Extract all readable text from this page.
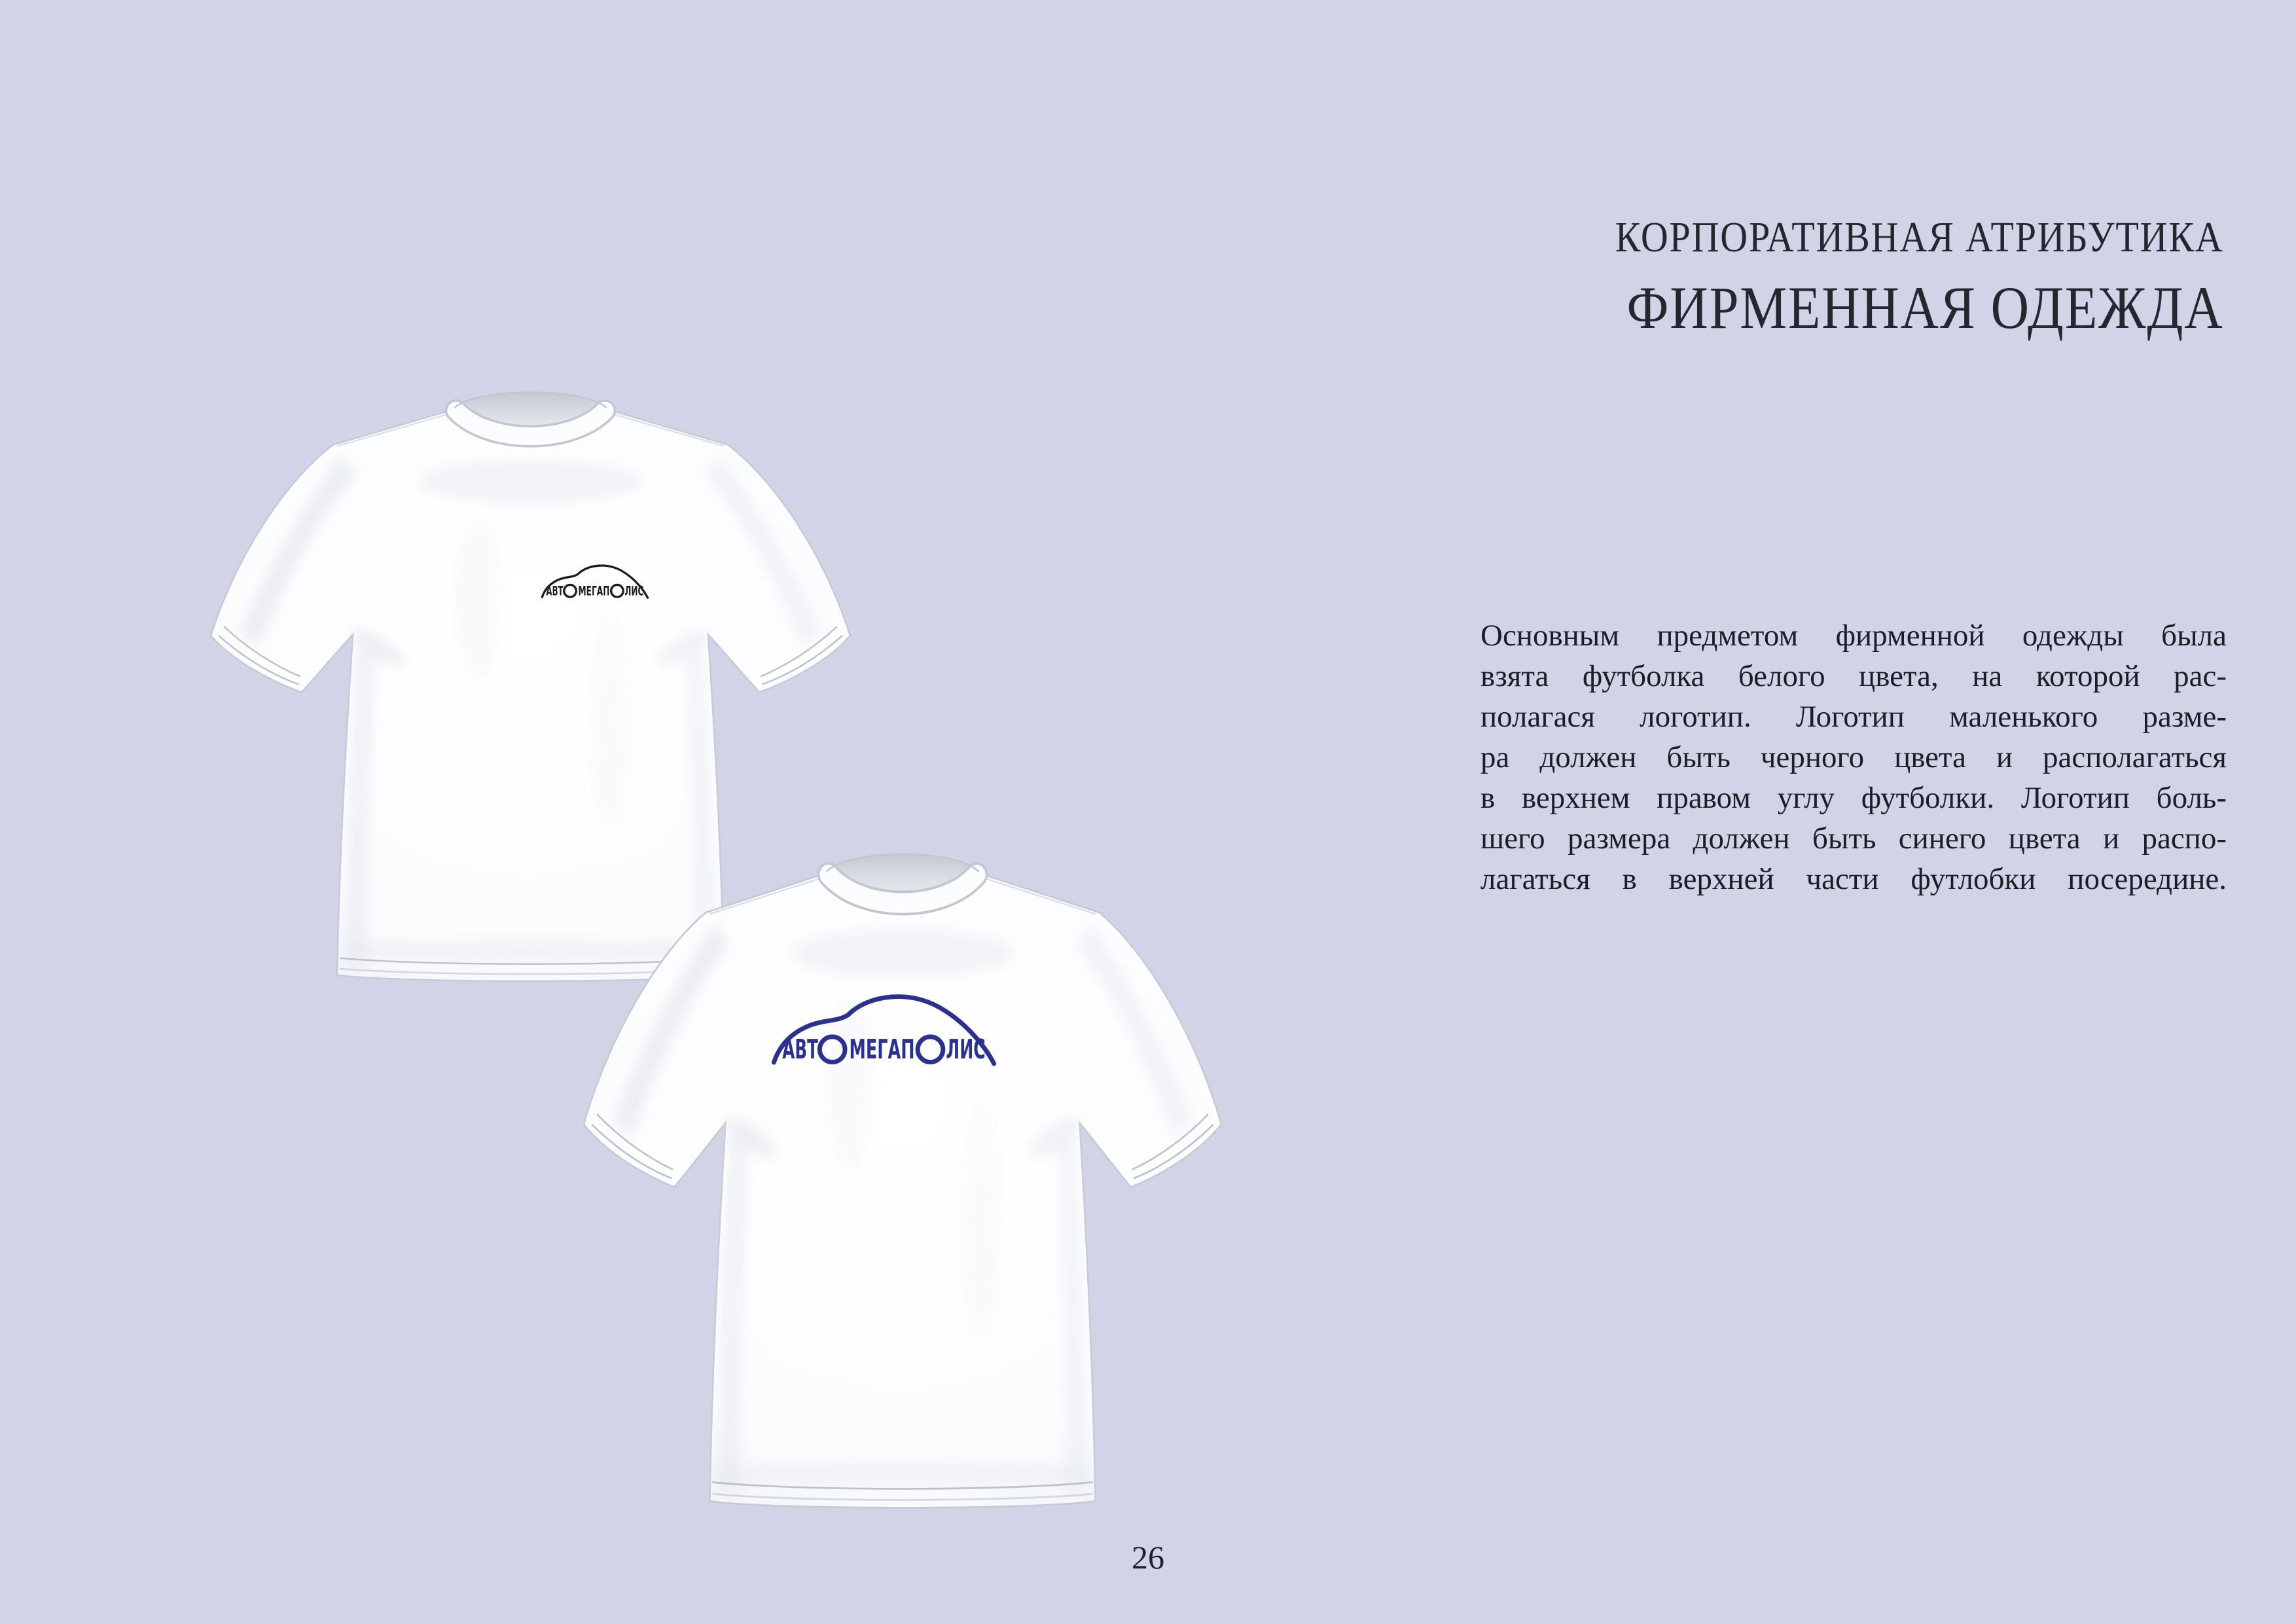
АВТ МЕГАП ЛИС
АВТ МЕГАП ЛИС
КОРПОРАТИВНАЯ АТРИБУТИКА
ФИРМЕННАЯ ОДЕЖДА
Основным предметом фирменной одежды была
взята футболка белого цвета, на которой рас-
полагася логотип. Логотип маленького разме-
ра должен быть черного цвета и располагаться
в верхнем правом углу футболки. Логотип боль-
шего размера должен быть синего цвета и распо-
лагаться в верхней части футлобки посередине.
26
